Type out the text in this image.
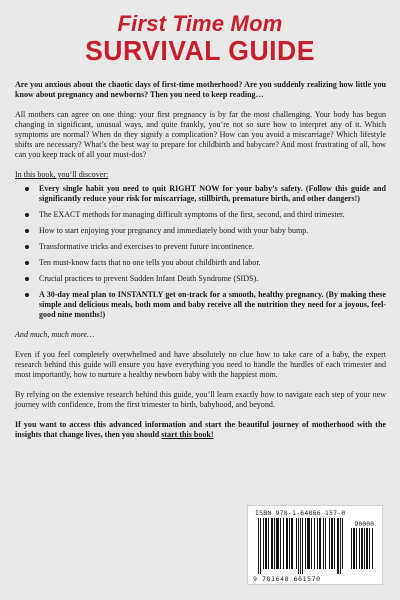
First Time Mom
SURVIVAL GUIDE

Are you anxious about the chaotic days of first-time motherhood? Are you suddenly realizing how little you know about pregnancy and newborns? Then you need to keep reading…

All mothers can agree on one thing: your first pregnancy is by far the most challenging. Your body has begun changing in significant, unusual ways, and quite frankly, you’re not so sure how to interpret any of it. Which symptoms are normal? When do they signify a complication? How can you avoid a miscarriage? Which lifestyle shifts are necessary? What’s the best way to prepare for childbirth and babycare? And most frustrating of all, how can you keep track of all your must-dos?

In this book, you’ll discover:

Every single habit you need to quit RIGHT NOW for your baby’s safety. (Follow this guide and significantly reduce your risk for miscarriage, stillbirth, premature birth, and other dangers!)
The EXACT methods for managing difficult symptoms of the first, second, and third trimester.
How to start enjoying your pregnancy and immediately bond with your baby bump.
Transformative tricks and exercises to prevent future incontinence.
Ten must-know facts that no one tells you about childbirth and labor.
Crucial practices to prevent Sudden Infant Death Syndrome (SIDS).
A 30-day meal plan to INSTANTLY get on-track for a smooth, healthy pregnancy. (By making these simple and delicious meals, both mom and baby receive all the nutrition they need for a joyous, feel-good nine months!)

And much, much more…

Even if you feel completely overwhelmed and have absolutely no clue how to take care of a baby, the expert research behind this guide will ensure you have everything you need to handle the hurdles of each trimester and most importantly, how to nurture a healthy newborn baby with the happiest mom.

By relying on the extensive research behind this guide, you’ll learn exactly how to navigate each step of your new journey with confidence, from the first trimester to birth, babyhood, and beyond.

If you want to access this advanced information and start the beautiful journey of motherhood with the insights that change lives, then you should start this book!

ISBN 978-1-64866-157-0
90000
9 781648 661570
